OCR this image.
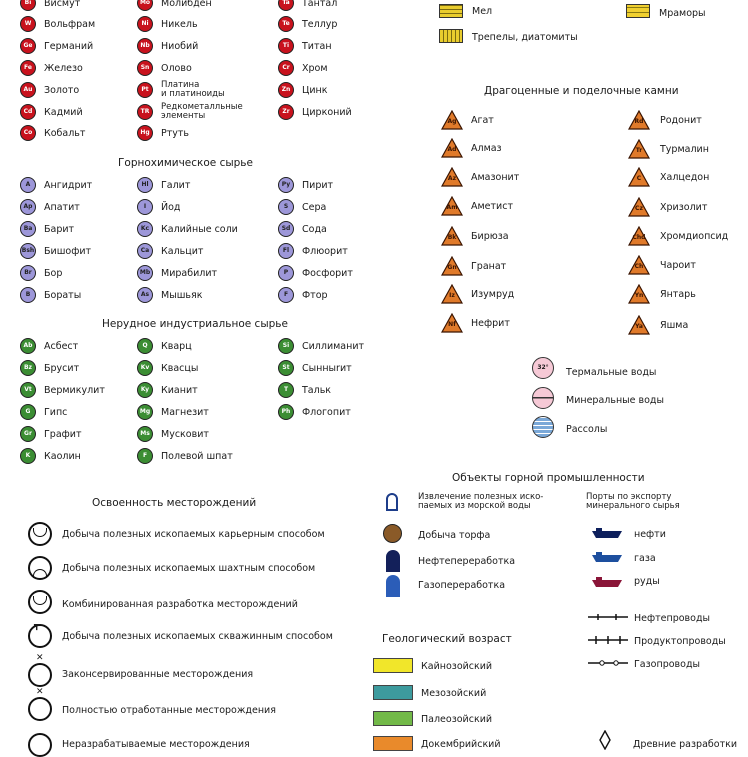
Bi	Висмут
W	Вольфрам
Ge	Германий
Fe	Железо
Au	Золото
Cd	Кадмий
Co	Кобальт
Mo	Молибден
Ni	Никель
Nb	Ниобий
Sn	Олово
Pt	Платина
и платиноиды
TR	Редкометалльные
элементы
Hg	Ртуть
Ta	Тантал
Te	Теллур
Ti	Титан
Cr	Хром
Zn	Цинк
Zr	Цирконий
Горнохимическое сырье
A	Ангидрит
Ap	Апатит
Ba	Барит
Bsh Бишофит
Br	Бор
B	Бораты
Hl	Галит
I	Йод
Kc	Калийные соли
Ca	Кальцит
Mb	Мирабилит
As	Мышьяк
Py	Пирит
S	Сера
Sd	Сода
Fl	Флюорит
P	Фосфорит
F	Фтор
Нерудное индустриальное сырье
Ab	Асбест
Bz	Брусит
Vt	Вермикулит
G	Гипс
Gr	Графит
K	Каолин
Q	Кварц
Kv	Квасцы
Ky	Кианит
Mg	Магнезит
Ms	Мусковит
F	Полевой шпат
Si	Силлиманит
St	Сынныrит
T	Тальк
Ph	Флогопит
Мел
Трепелы, диатомиты
Мраморы
Драгоценные и поделочные камни
Ag	Агат
Ad	Алмаз
Az	Амазонит
Am	Аметист
Bk	Бирюза
Gn	Гранат
Iz	Изумруд
Nf	Нефрит
Rd	Родонит
Tr	Турмалин
C	Халцедон
Cz	Хризолит
Chd	Хромдиопсид
Ch	Чароит
Yn	Янтарь
Ya	Яшма
32°	Термальные воды
Минеральные воды
Рассолы
Освоенность месторождений
Добыча полезных ископаемых карьерным способом
Добыча полезных ископаемых шахтным способом
Комбинированная разработка месторождений
┳
Добыча полезных ископаемых скважинным способом
✕
Законсервированные месторождения
✕
Полностью отработанные месторождения
Неразрабатываемые месторождения
Объекты горной промышленности
Извлечение полезных иско-
паемых из морской воды
Добыча торфа
Нефтепереработка
Газопереработка
Порты по экспорту
минерального сырья
нефти
газа
руды
Нефтепроводы
Продуктопроводы
Газопроводы
Геологический возраст
Кайнозойский
Мезозойский
Палеозойский
Докембрийский	Древние разработки
